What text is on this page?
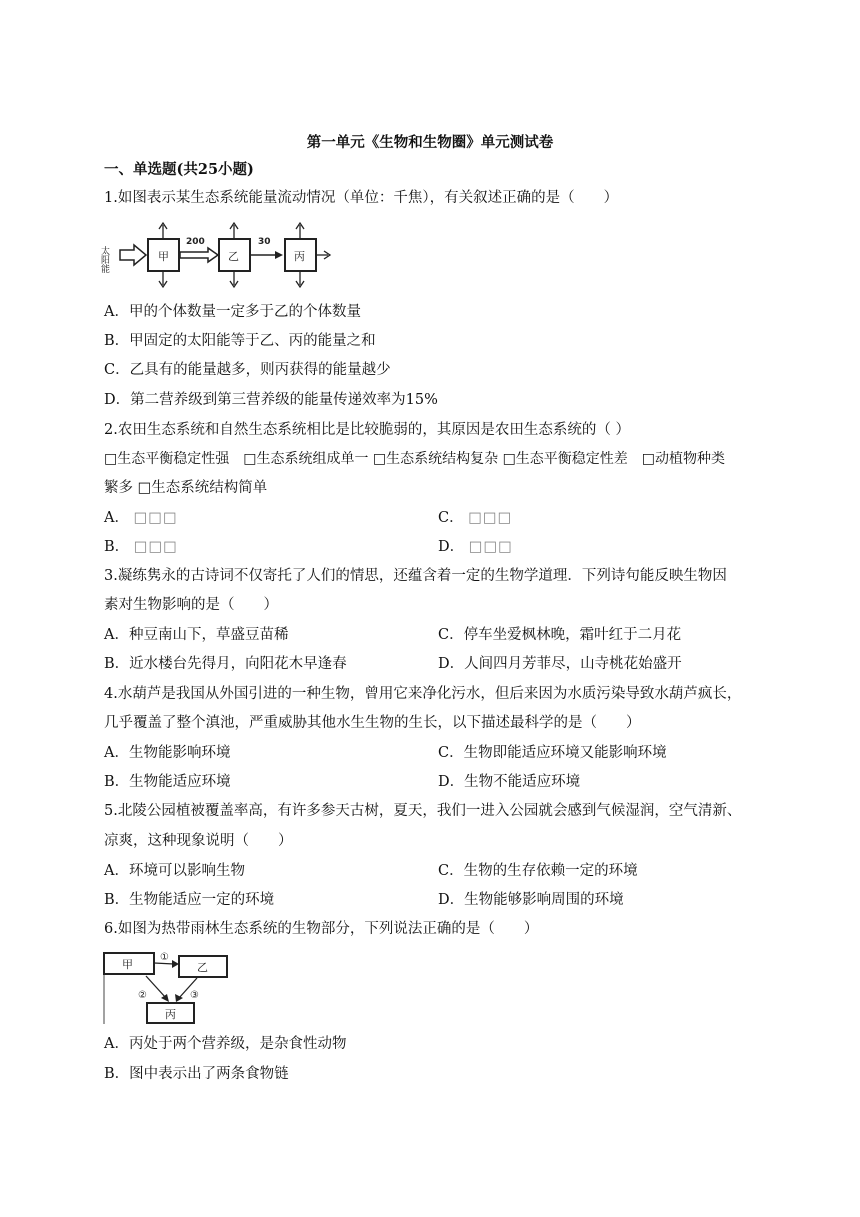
第一单元《生物和生物圈》单元测试卷
一、单选题(共25小题)
1.如图表示某生态系统能量流动情况（单位：千焦），有关叙述正确的是（　　）
太阳能	甲
200
乙
30
丙
A．甲的个体数量一定多于乙的个体数量
B．甲固定的太阳能等于乙、丙的能量之和
C．乙具有的能量越多，则丙获得的能量越少
D．第二营养级到第三营养级的能量传递效率为15%
2.农田生态系统和自然生态系统相比是比较脆弱的，其原因是农田生态系统的（ ）
□生态平衡稳定性强　□生态系统组成单一 □生态系统结构复杂 □生态平衡稳定性差　□动植物种类
繁多 □生态系统结构简单
A． □□□	C． □□□
B． □□□	D． □□□
3.凝练隽永的古诗词不仅寄托了人们的情思，还蕴含着一定的生物学道理．下列诗句能反映生物因
素对生物影响的是（　　）
A．种豆南山下，草盛豆苗稀	C．停车坐爱枫林晚，霜叶红于二月花
B．近水楼台先得月，向阳花木早逢春	D．人间四月芳菲尽，山寺桃花始盛开
4.水葫芦是我国从外国引进的一种生物，曾用它来净化污水，但后来因为水质污染导致水葫芦疯长，
几乎覆盖了整个滇池，严重威胁其他水生生物的生长，以下描述最科学的是（　　）
A．生物能影响环境	C．生物即能适应环境又能影响环境
B．生物能适应环境	D．生物不能适应环境
5.北陵公园植被覆盖率高，有许多参天古树，夏天，我们一进入公园就会感到气候湿润，空气清新、
凉爽，这种现象说明（　　）
A．环境可以影响生物	C．生物的生存依赖一定的环境
B．生物能适应一定的环境	D．生物能够影响周围的环境
6.如图为热带雨林生态系统的生物部分，下列说法正确的是（　　）
甲	乙
丙
①
②	③
A．丙处于两个营养级，是杂食性动物
B．图中表示出了两条食物链
